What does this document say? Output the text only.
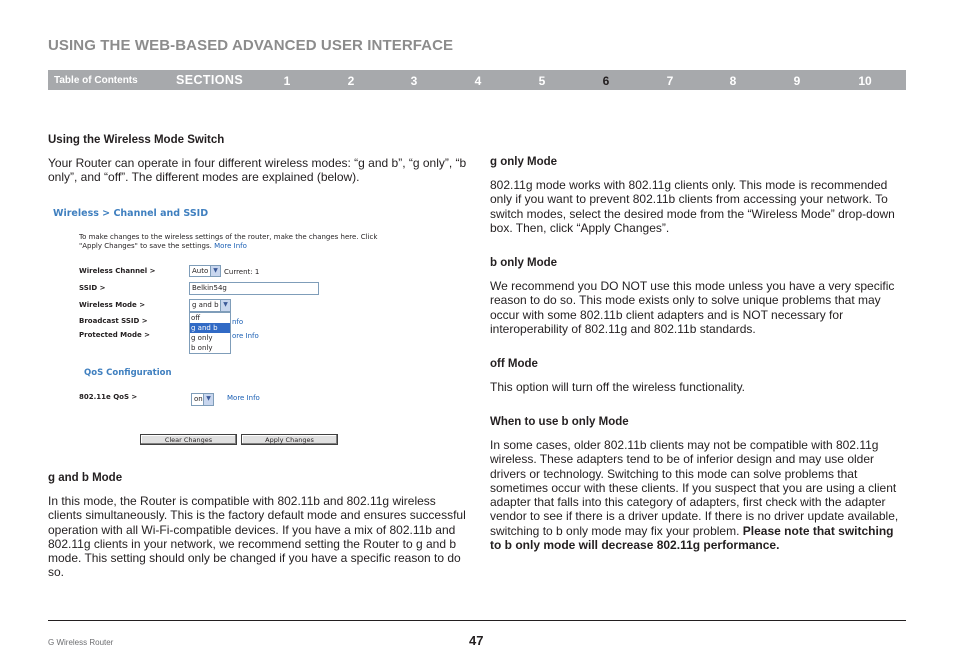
USING THE WEB-BASED ADVANCED USER INTERFACE
Table of Contents	SECTIONS	1	2	3	4	5	6	7	8	9	10
Using the Wireless Mode Switch
Your Router can operate in four different wireless modes: “g and b”, “g only”, “b only”, and “off”. The different modes are explained (below).
Wireless > Channel and SSID
To make changes to the wireless settings of the router, make the changes here. Click "Apply Changes" to save the settings. More Info
Wireless Channel >	Auto ▼ Current: 1
SSID >	Belkin54g
Wireless Mode >	g and b ▼
off
g and b
g only
b only
Broadcast SSID >	nfo
Protected Mode >	ore Info
QoS Configuration
802.11e QoS >	on ▼	More Info
Clear Changes	Apply Changes
g and b Mode
In this mode, the Router is compatible with 802.11b and 802.11g wireless clients simultaneously. This is the factory default mode and ensures successful operation with all Wi-Fi-compatible devices. If you have a mix of 802.11b and 802.11g clients in your network, we recommend setting the Router to g and b mode. This setting should only be changed if you have a specific reason to do so.
g only Mode
802.11g mode works with 802.11g clients only. This mode is recommended only if you want to prevent 802.11b clients from accessing your network. To switch modes, select the desired mode from the “Wireless Mode” drop-down box. Then, click “Apply Changes”.
b only Mode
We recommend you DO NOT use this mode unless you have a very specific reason to do so. This mode exists only to solve unique problems that may occur with some 802.11b client adapters and is NOT necessary for interoperability of 802.11g and 802.11b standards.
off Mode
This option will turn off the wireless functionality.
When to use b only Mode
In some cases, older 802.11b clients may not be compatible with 802.11g wireless. These adapters tend to be of inferior design and may use older drivers or technology. Switching to this mode can solve problems that sometimes occur with these clients. If you suspect that you are using a client adapter that falls into this category of adapters, first check with the adapter vendor to see if there is a driver update. If there is no driver update available, switching to b only mode may fix your problem. Please note that switching to b only mode will decrease 802.11g performance.
G Wireless Router	47
